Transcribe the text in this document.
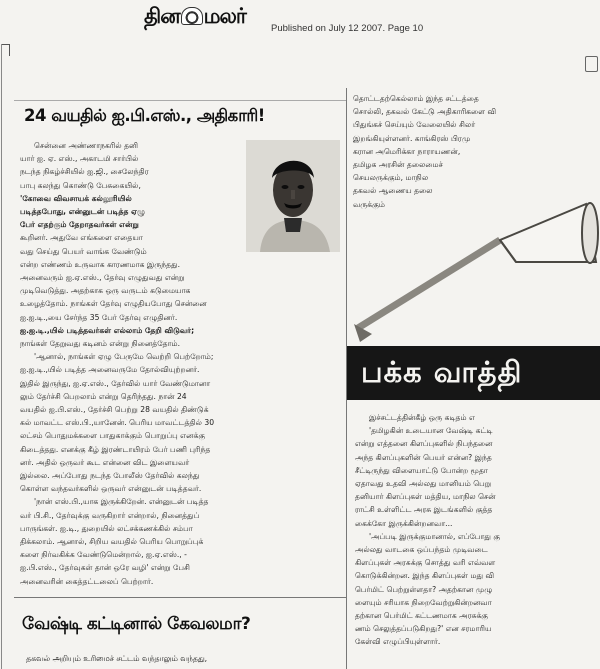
தின மலர்
Published on July 12 2007. Page 10
24 வயதில் ஐ.பி.எஸ்., அதிகாரி!

சென்னை அண்ணாநகரில் தனி

யார் ஐ. ஏ. எஸ்., அகாடமி சார்பில்

நடந்த நிகழ்ச்சியில் ஐ.ஜி., சைலேந்திர

பாபு கலந்து கொண்டு பேசுகையில்,

'கோவை விவசாயக் கல்லூரியில்

படித்தபோது, என்னுடன் படித்த ஏழு

பேர் எதற்கும் தேறாதவர்கள் என்று

கூறினர். அதுவே எங்களை எதையா

வது செய்து பெயர் வாங்க வேண்டும்

என்ற எண்ணம் உருவாக காரணமாக இருந்தது.

அனைவரும் ஐ.ஏ.எஸ்., தேர்வு எழுதுவது என்று

முடிவெடுத்து. அதற்காக ஒரு வருடம் கடுமையாக

உழைத்தோம். நாங்கள் தேர்வு எழுதியபோது சென்னை

ஐ.ஐ.டி.,யை சேர்ந்த 35 பேர் தேர்வு எழுதினர்.

ஐ.ஐ.டி.,யில் படித்தவர்கள் எல்லாம் தேறி விடுவர்;

நாங்கள் தேறுவது கடினம் என்று நினைத்தோம்.

'ஆனால், நாங்கள் ஏழு பேருமே வெற்றி பெற்றோம்;

ஐ.ஐ.டி.,யில் படித்த அனைவருமே தோல்வியுற்றனர்.

இதில் இருந்து, ஐ.ஏ.எஸ்., தேர்வில் யார் வேண்டுமானா

லும் தேர்ச்சி பெறலாம் என்று தெரிந்தது. நான் 24

வயதில் ஐ.பி.எஸ்., தேர்ச்சி பெற்று 28 வயதில் திண்டுக்

கல் மாவட்ட எஸ்.பி.,யானேன். பெரிய மாவட்டத்தில் 30

லட்சம் பொதுமக்களை பாதுகாக்கும் பொறுப்பு எனக்கு

கிடைத்தது. எனக்கு கீழ் இரண்டாயிரம் பேர் பணி புரிந்த

னர். அதில் ஒருவர் கூட என்னை விட இளையவர்

இல்லை. அப்போது நடந்த போலீஸ் தேர்வில் கலந்து

கொள்ள வந்தவர்களில் ஒருவர் என்னுடன் படித்தவர்.

'நான் எஸ்.பி.,யாக இருக்கிறேன். என்னுடன் படித்த

வர் பி.சி., தேர்வுக்கு வருகிறார் என்றால், நினைத்துப்

பாருங்கள். ஐ.டி., துறையில் லட்சக்கணக்கில் சம்பா

திக்கலாம். ஆனால், சிறிய வயதில் பெரிய பொறுப்புக்

களை நிர்வகிக்க வேண்டுமென்றால், ஐ.ஏ.எஸ்., -

ஐ.பி.எஸ்., தேர்வுகள் தான் ஒரே வழி' என்று பேசி

அனைவரின் கைத்தட்டலைப் பெற்றார்.

வேஷ்டி கட்டினால் கேவலமா?
தகவல் அறியும் உரிமைச் சட்டம் வந்தாலும் வந்தது,

தொட்டதற்கெல்லாம் இந்த சட்டத்தை

சொல்லி, தகவல் கேட்டு அதிகாரிகளை வி

பிதுங்கச் செய்யும் வேலையில் சிலர்

இறங்கியுள்ளனர். காங்கிரஸ் பிரமு

கரான அமெரிக்கா நாராயணன்,

தமிழக அரசின் தலைமைச்

செயலருக்கும், மாநில

தகவல் ஆணைய தலை

வருக்கும்

பக்க வாத்தி

இச்சட்டத்தின்கீழ் ஒரு கடிதம் எ

'தமிழகின் உடையான வேஷ்டி கட்டி

என்று எத்தனை கிளப்புகளில் நிபந்தனை

அந்த கிளப்புகளின் பெயர் என்ன? இந்த

சீட்டிருந்து விளையாட்டு போன்ற மூதா

ஏதாவது உதவி அல்லது மானியம் பெறு

தனியார் கிளப்புகள் மத்திய, மாநில சென்

ராட்சி உள்ளிட்ட அரசு இடங்களில் குத்த

கைக்கோ இருக்கின்றனவா...

'அப்படி இருக்குமானால், எப்போது கு

அல்லது வாடகை ஒப்பந்தம் முடிவடை

கிளப்புகள் அரசுக்கு சொத்து வரி எவ்வள

கொடுக்கின்றன. இந்த கிளப்புகள் மது வி

பெர்மிட் பெற்றுள்ளதா? அதற்கான முழு

ளையும் சரியாக நிறைவேற்றுகின்றனவா

தற்கான பெர்மிட் கட்டணமாக அரசுக்கு

ணம் செலுத்தப்படுகிறது?' என சரமாரிய

கேள்வி எழுப்பியுள்ளார்.
